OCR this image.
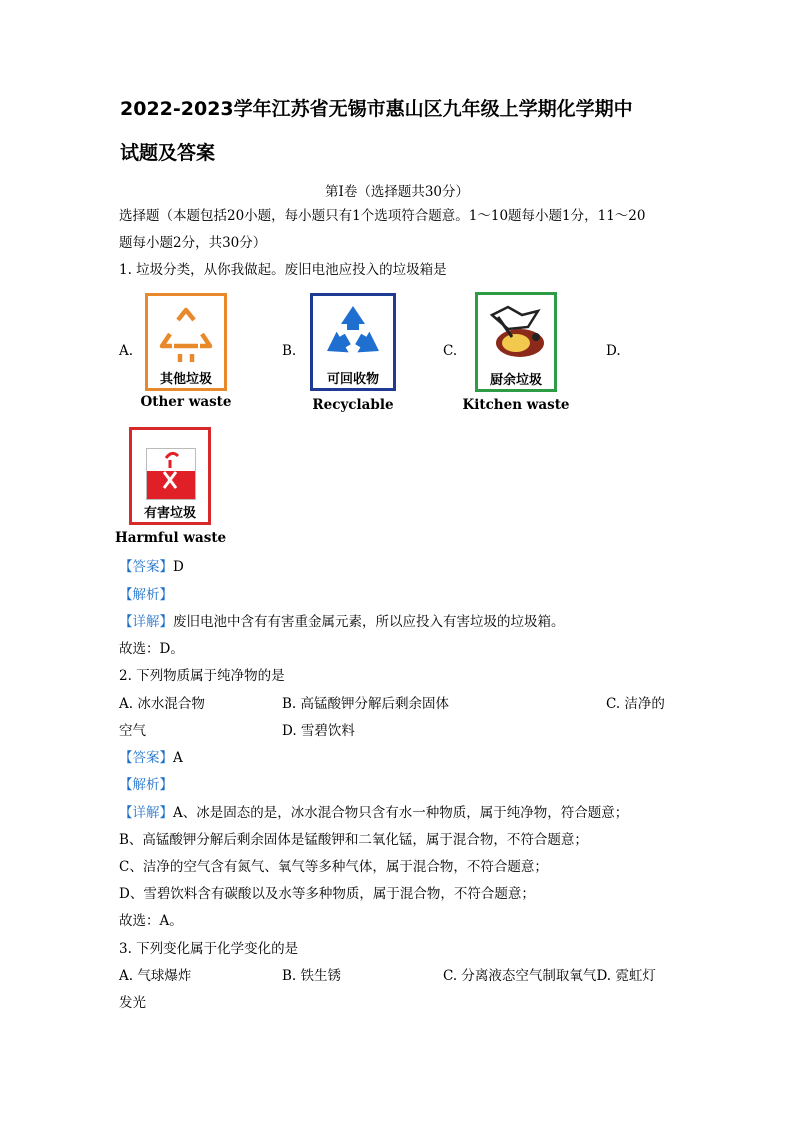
2022-2023学年江苏省无锡市惠山区九年级上学期化学期中
试题及答案
第Ⅰ卷（选择题共30分）
选择题（本题包括20小题，每小题只有1个选项符合题意。1～10题每小题1分，11～20
题每小题2分，共30分）
1. 垃圾分类，从你我做起。废旧电池应投入的垃圾箱是
A.
其他垃圾
Other waste
B.
可回收物
Recyclable
C.
厨余垃圾
Kitchen waste
D.
有害垃圾
Harmful waste
【答案】D
【解析】
【详解】废旧电池中含有有害重金属元素，所以应投入有害垃圾的垃圾箱。
故选：D。
2. 下列物质属于纯净物的是
A. 冰水混合物	B. 高锰酸钾分解后剩余固体	C. 洁净的
空气	D. 雪碧饮料
【答案】A
【解析】
【详解】A、冰是固态的是，冰水混合物只含有水一种物质，属于纯净物，符合题意；
B、高锰酸钾分解后剩余固体是锰酸钾和二氧化锰，属于混合物，不符合题意；
C、洁净的空气含有氮气、氧气等多种气体，属于混合物，不符合题意；
D、雪碧饮料含有碳酸以及水等多种物质，属于混合物，不符合题意；
故选：A。
3. 下列变化属于化学变化的是
A. 气球爆炸	B. 铁生锈	C. 分离液态空气制取氧气D. 霓虹灯
发光
